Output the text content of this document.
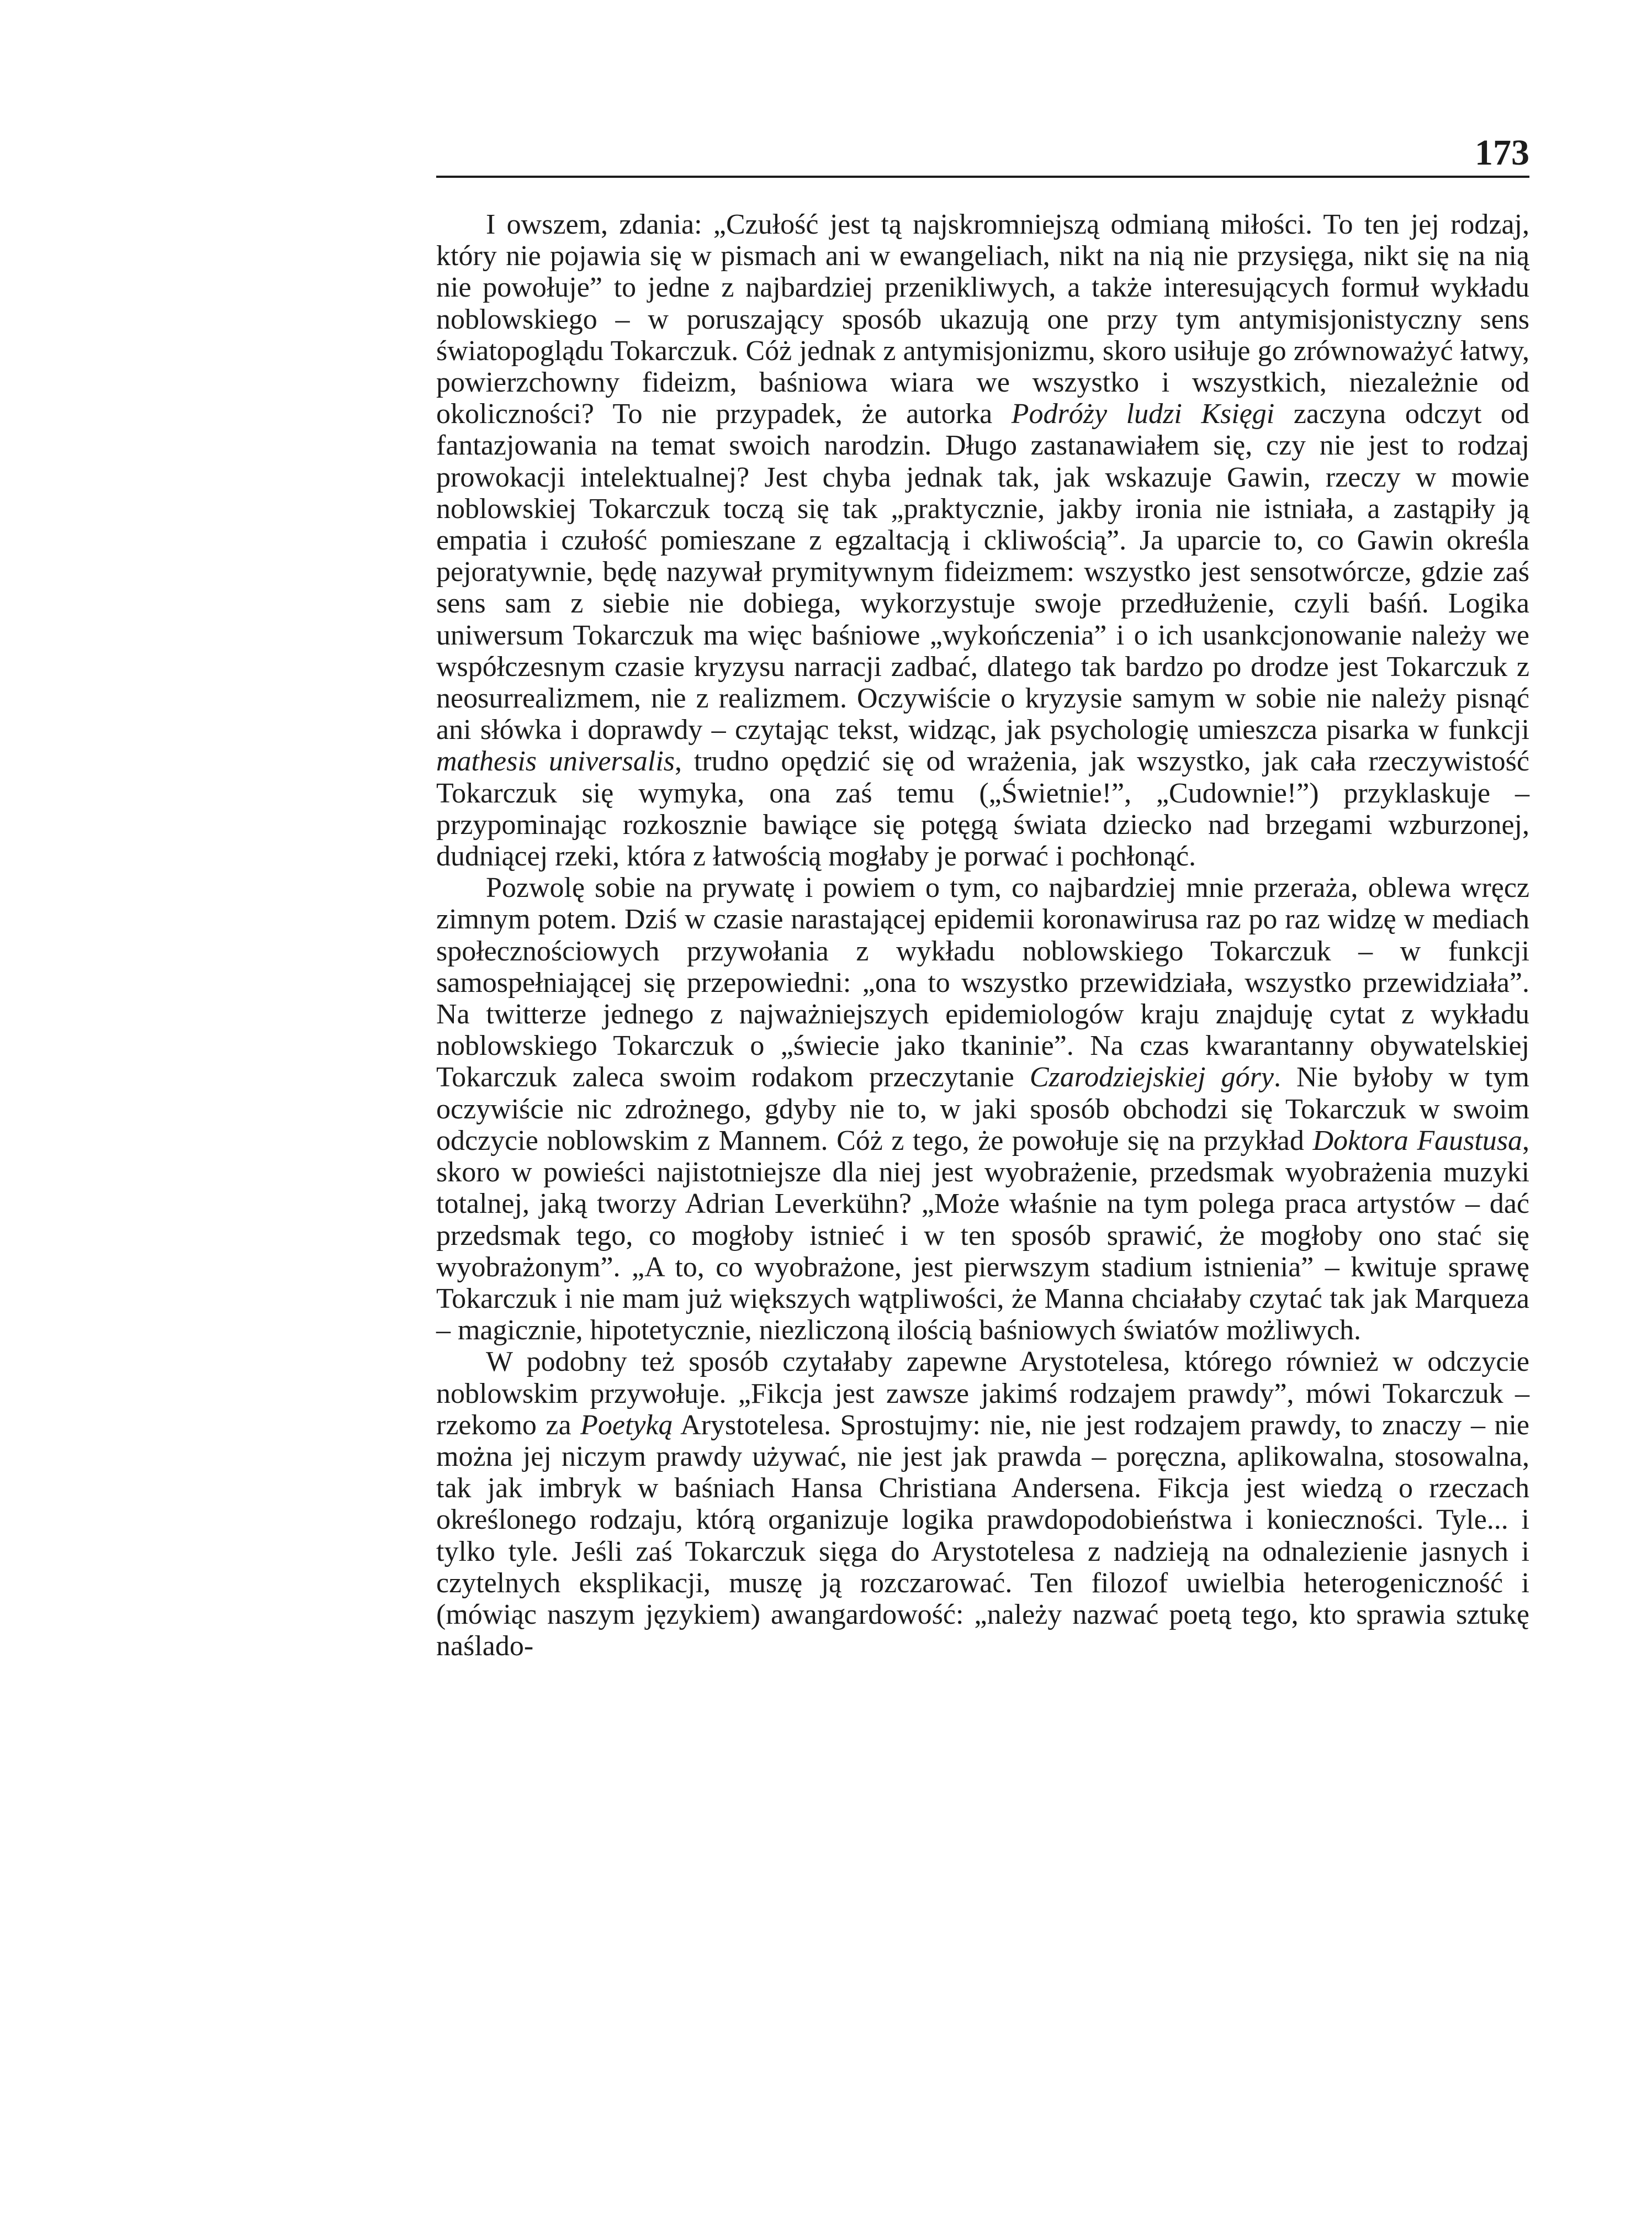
173

I owszem, zdania: „Czułość jest tą najskromniejszą odmianą miłości. To ten jej rodzaj, który nie pojawia się w pismach ani w ewangeliach, nikt na nią nie przysięga, nikt się na nią nie powołuje” to jedne z najbardziej przenikliwych, a także interesujących formuł wykładu noblowskiego – w poruszający sposób ukazują one przy tym antymisjonistyczny sens światopoglądu Tokarczuk. Cóż jednak z antymisjonizmu, skoro usiłuje go zrównoważyć łatwy, powierzchowny fideizm, baśniowa wiara we wszystko i wszystkich, niezależnie od okoliczności? To nie przypadek, że autorka Podróży ludzi Księgi zaczyna odczyt od fantazjowania na temat swoich narodzin. Długo zastanawiałem się, czy nie jest to rodzaj prowokacji intelektualnej? Jest chyba jednak tak, jak wskazuje Gawin, rzeczy w mowie noblowskiej Tokarczuk toczą się tak „praktycznie, jakby ironia nie istniała, a zastąpiły ją empatia i czułość pomieszane z egzaltacją i ckliwością”. Ja uparcie to, co Gawin określa pejoratywnie, będę nazywał prymitywnym fideizmem: wszystko jest sensotwórcze, gdzie zaś sens sam z siebie nie dobiega, wykorzystuje swoje przedłużenie, czyli baśń. Logika uniwersum Tokarczuk ma więc baśniowe „wykończenia” i o ich usankcjonowanie należy we współczesnym czasie kryzysu narracji zadbać, dlatego tak bardzo po drodze jest Tokarczuk z neosurrealizmem, nie z realizmem. Oczywiście o kryzysie samym w sobie nie należy pisnąć ani słówka i doprawdy – czytając tekst, widząc, jak psychologię umieszcza pisarka w funkcji mathesis universalis, trudno opędzić się od wrażenia, jak wszystko, jak cała rzeczywistość Tokarczuk się wymyka, ona zaś temu („Świetnie!”, „Cudownie!”) przyklaskuje – przypominając rozkosznie bawiące się potęgą świata dziecko nad brzegami wzburzonej, dudniącej rzeki, która z łatwością mogłaby je porwać i pochłonąć.

Pozwolę sobie na prywatę i powiem o tym, co najbardziej mnie przeraża, oblewa wręcz zimnym potem. Dziś w czasie narastającej epidemii koronawirusa raz po raz widzę w mediach społecznościowych przywołania z wykładu noblowskiego Tokarczuk – w funkcji samospełniającej się przepowiedni: „ona to wszystko przewidziała, wszystko przewidziała”. Na twitterze jednego z najważniejszych epidemiologów kraju znajduję cytat z wykładu noblowskiego Tokarczuk o „świecie jako tkaninie”. Na czas kwarantanny obywatelskiej Tokarczuk zaleca swoim rodakom przeczytanie Czarodziejskiej góry. Nie byłoby w tym oczywiście nic zdrożnego, gdyby nie to, w jaki sposób obchodzi się Tokarczuk w swoim odczycie noblowskim z Mannem. Cóż z tego, że powołuje się na przykład Doktora Faustusa, skoro w powieści najistotniejsze dla niej jest wyobrażenie, przedsmak wyobrażenia muzyki totalnej, jaką tworzy Adrian Leverkühn? „Może właśnie na tym polega praca artystów – dać przedsmak tego, co mogłoby istnieć i w ten sposób sprawić, że mogłoby ono stać się wyobrażonym”. „A to, co wyobrażone, jest pierwszym stadium istnienia” – kwituje sprawę Tokarczuk i nie mam już większych wątpliwości, że Manna chciałaby czytać tak jak Marqueza – magicznie, hipotetycznie, niezliczoną ilością baśniowych światów możliwych.

W podobny też sposób czytałaby zapewne Arystotelesa, którego również w odczycie noblowskim przywołuje. „Fikcja jest zawsze jakimś rodzajem prawdy”, mówi Tokarczuk – rzekomo za Poetyką Arystotelesa. Sprostujmy: nie, nie jest rodzajem prawdy, to znaczy – nie można jej niczym prawdy używać, nie jest jak prawda – poręczna, aplikowalna, stosowalna, tak jak imbryk w baśniach Hansa Christiana Andersena. Fikcja jest wiedzą o rzeczach określonego rodzaju, którą organizuje logika prawdopodobieństwa i konieczności. Tyle... i tylko tyle. Jeśli zaś Tokarczuk sięga do Arystotelesa z nadzieją na odnalezienie jasnych i czytelnych eksplikacji, muszę ją rozczarować. Ten filozof uwielbia heterogeniczność i (mówiąc naszym językiem) awangardowość: „należy nazwać poetą tego, kto sprawia sztukę naślado-
